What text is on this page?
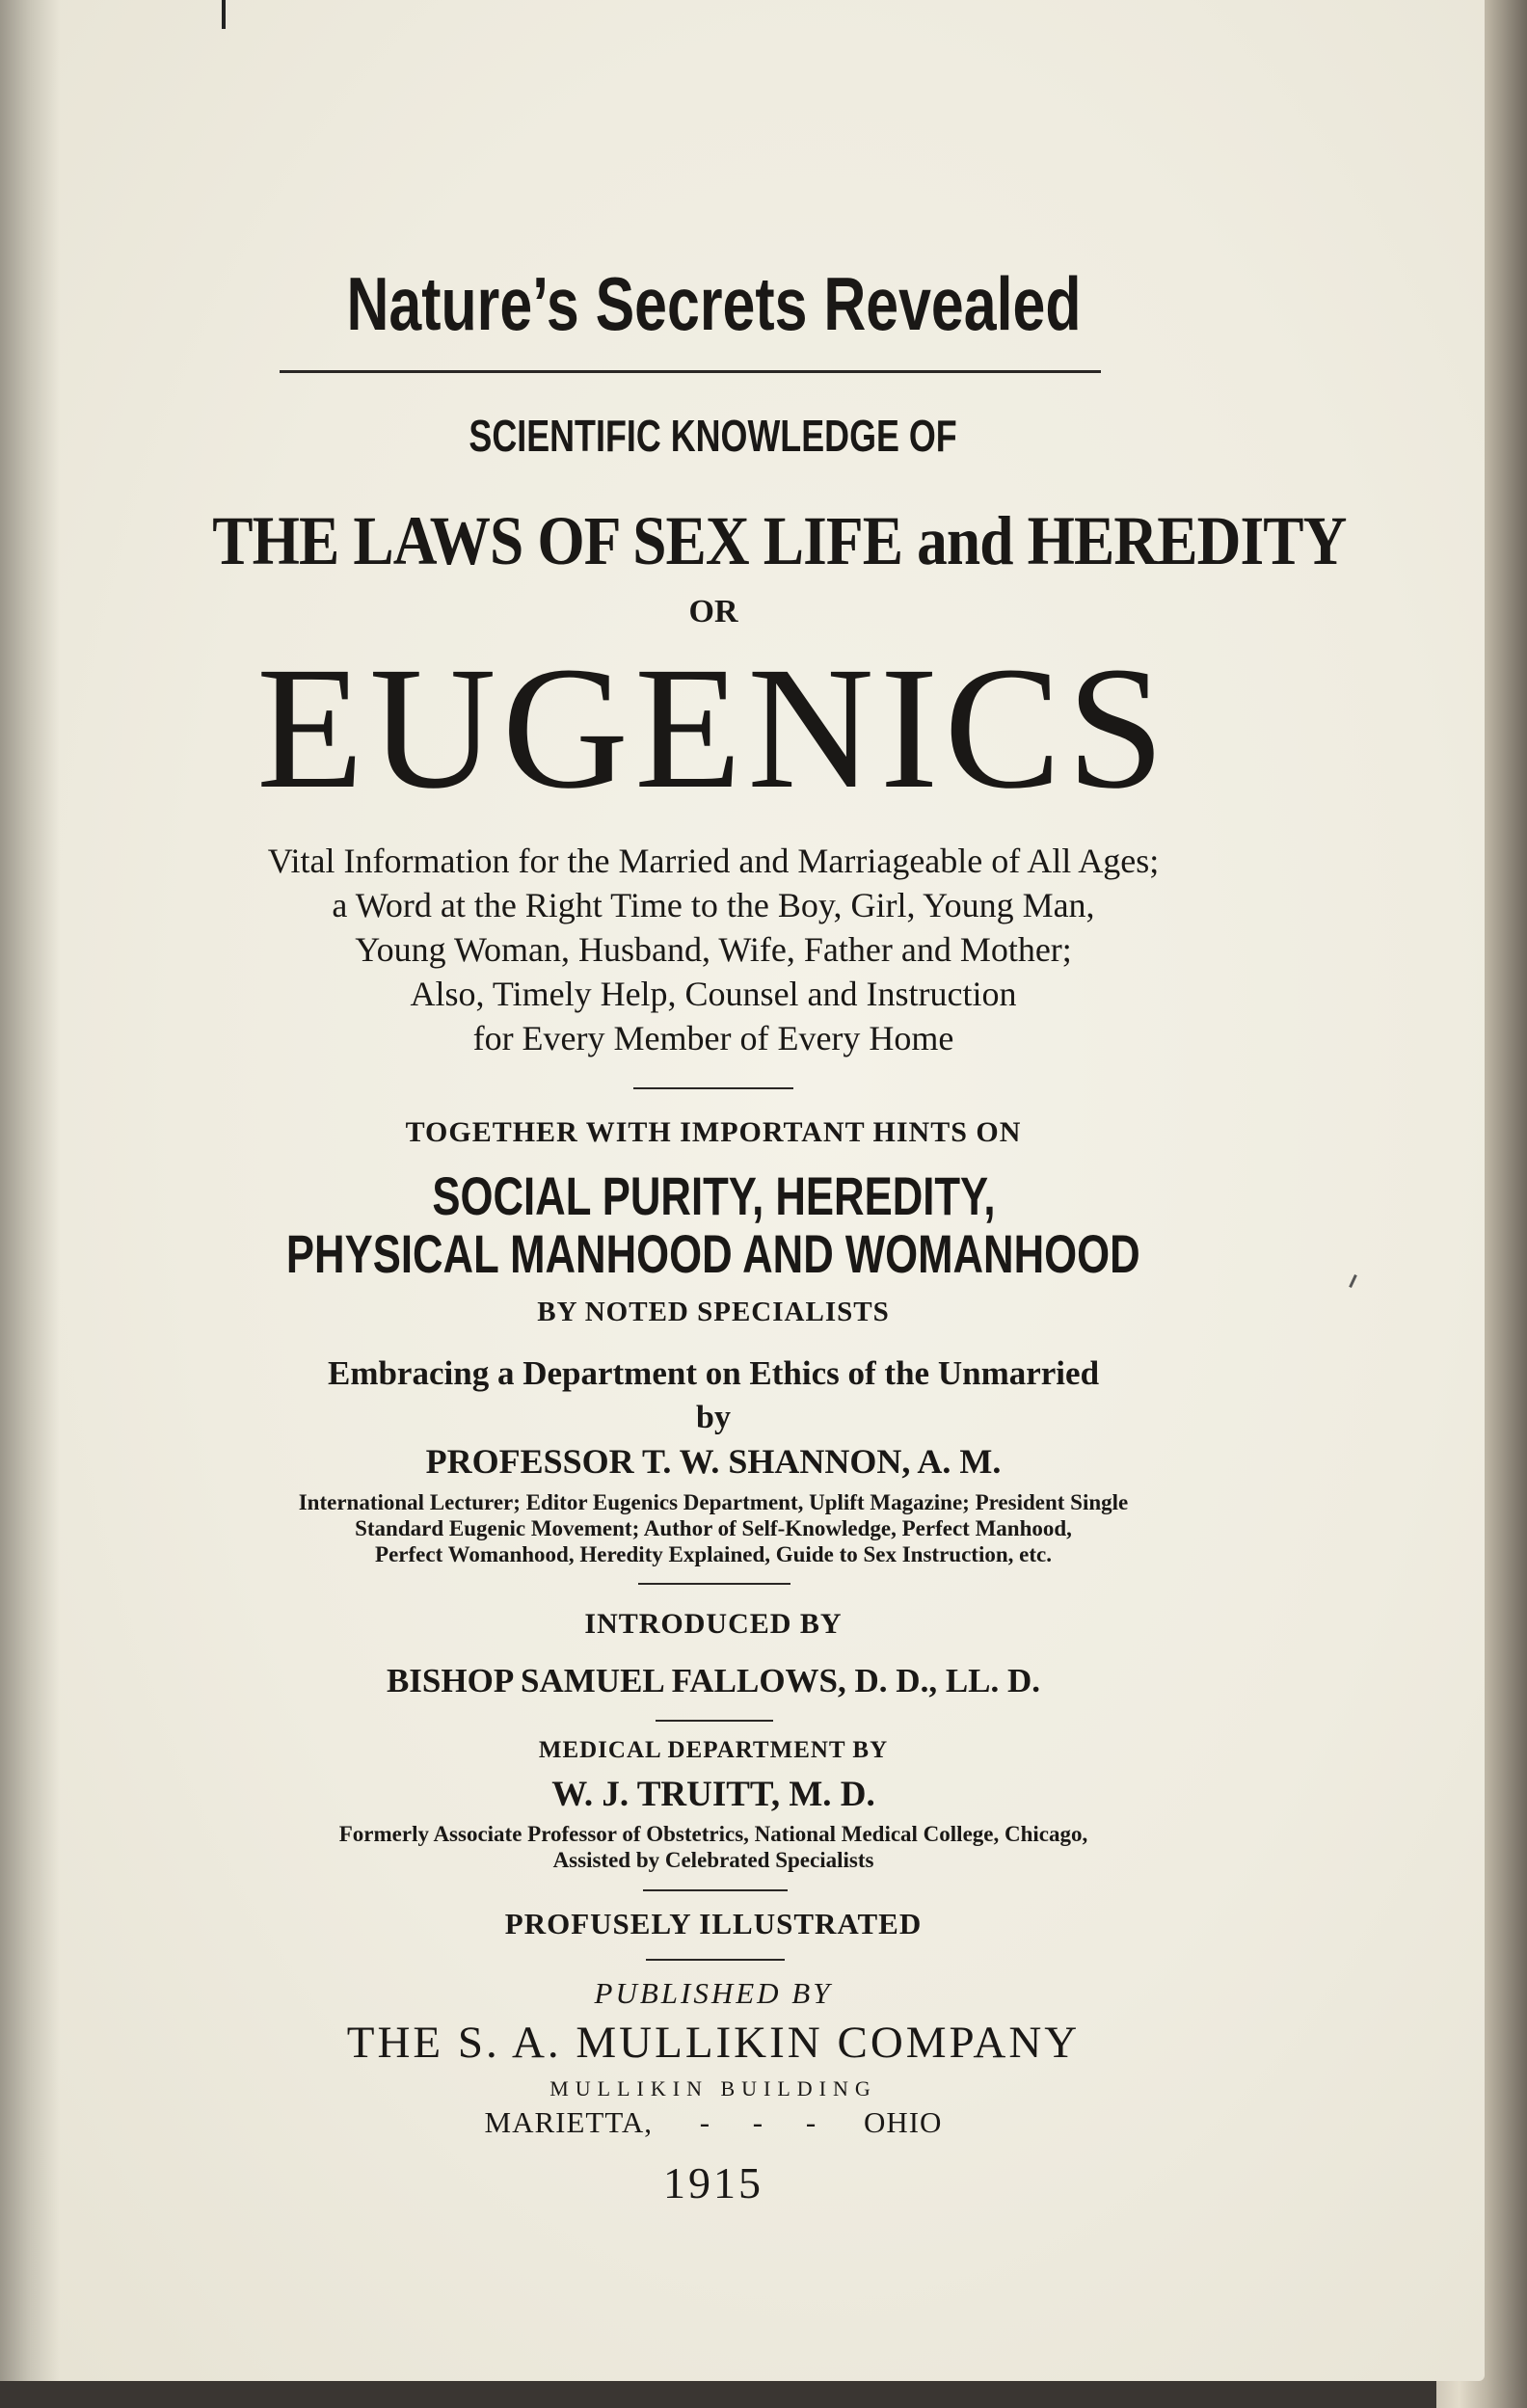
Nature’s Secrets Revealed
SCIENTIFIC KNOWLEDGE OF
THE LAWS OF SEX LIFE and HEREDITY
OR
EUGENICS
Vital Information for the Married and Marriageable of All Ages;
a Word at the Right Time to the Boy, Girl, Young Man,
Young Woman, Husband, Wife, Father and Mother;
Also, Timely Help, Counsel and Instruction
for Every Member of Every Home
TOGETHER WITH IMPORTANT HINTS ON
SOCIAL PURITY, HEREDITY,
PHYSICAL MANHOOD AND WOMANHOOD
BY NOTED SPECIALISTS
Embracing a Department on Ethics of the Unmarried
by
PROFESSOR T. W. SHANNON, A. M.
International Lecturer; Editor Eugenics Department, Uplift Magazine; President Single
Standard Eugenic Movement; Author of Self-Knowledge, Perfect Manhood,
Perfect Womanhood, Heredity Explained, Guide to Sex Instruction, etc.
INTRODUCED BY
BISHOP SAMUEL FALLOWS, D. D., LL. D.
MEDICAL DEPARTMENT BY
W. J. TRUITT, M. D.
Formerly Associate Professor of Obstetrics, National Medical College, Chicago,
Assisted by Celebrated Specialists
PROFUSELY ILLUSTRATED
PUBLISHED BY
THE S. A. MULLIKIN COMPANY
MULLIKIN BUILDING
MARIETTA, -     -     - OHIO
1915
